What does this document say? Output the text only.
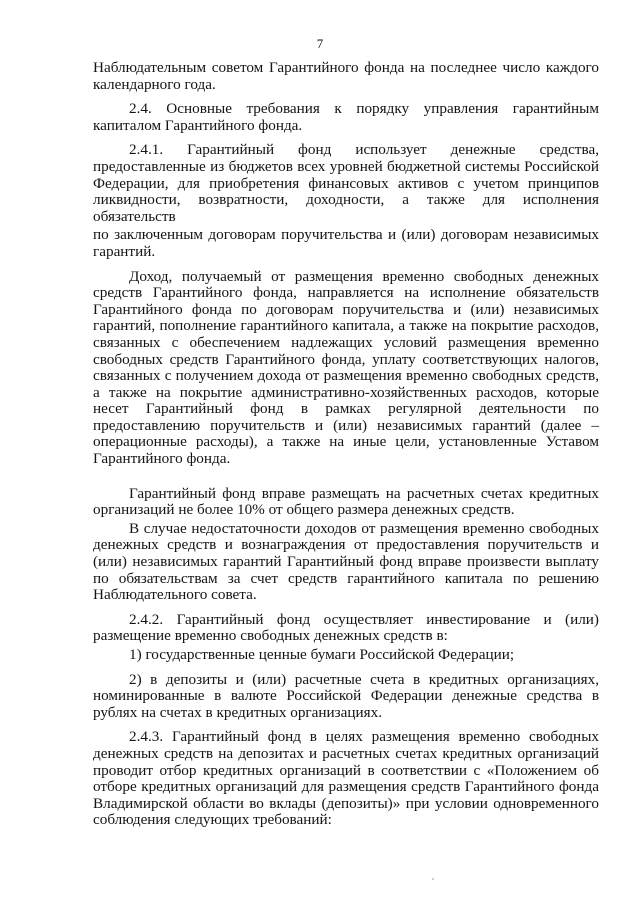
7

Наблюдательным советом Гарантийного фонда на последнее число каждого календарного года.

2.4. Основные требования к порядку управления гарантийным капиталом Гарантийного фонда.

2.4.1. Гарантийный фонд использует денежные средства, предоставленные из бюджетов всех уровней бюджетной системы Российской Федерации, для приобретения финансовых активов с учетом принципов ликвидности, возвратности, доходности, а также для исполнения обязательств

по заключенным договорам поручительства и (или) договорам независимых гарантий.

Доход, получаемый от размещения временно свободных денежных средств Гарантийного фонда, направляется на исполнение обязательств Гарантийного фонда по договорам поручительства и (или) независимых гарантий, пополнение гарантийного капитала, а также на покрытие расходов, связанных с обеспечением надлежащих условий размещения временно свободных средств Гарантийного фонда, уплату соответствующих налогов, связанных с получением дохода от размещения временно свободных средств, а также на покрытие административно-хозяйственных расходов, которые несет Гарантийный фонд в рамках регулярной деятельности по предоставлению поручительств и (или) независимых гарантий (далее – операционные расходы), а также на иные цели, установленные Уставом Гарантийного фонда.

Гарантийный фонд вправе размещать на расчетных счетах кредитных организаций не более 10% от общего размера денежных средств.

В случае недостаточности доходов от размещения временно свободных денежных средств и вознаграждения от предоставления поручительств и (или) независимых гарантий Гарантийный фонд вправе произвести выплату по обязательствам за счет средств гарантийного капитала по решению Наблюдательного совета.

2.4.2. Гарантийный фонд осуществляет инвестирование и (или) размещение временно свободных денежных средств в:

1) государственные ценные бумаги Российской Федерации;

2) в депозиты и (или) расчетные счета в кредитных организациях, номинированные в валюте Российской Федерации денежные средства в рублях на счетах в кредитных организациях.

2.4.3. Гарантийный фонд в целях размещения временно свободных денежных средств на депозитах и расчетных счетах кредитных организаций проводит отбор кредитных организаций в соответствии с «Положением об отборе кредитных организаций для размещения средств Гарантийного фонда Владимирской области во вклады (депозиты)» при условии одновременного соблюдения следующих требований:
